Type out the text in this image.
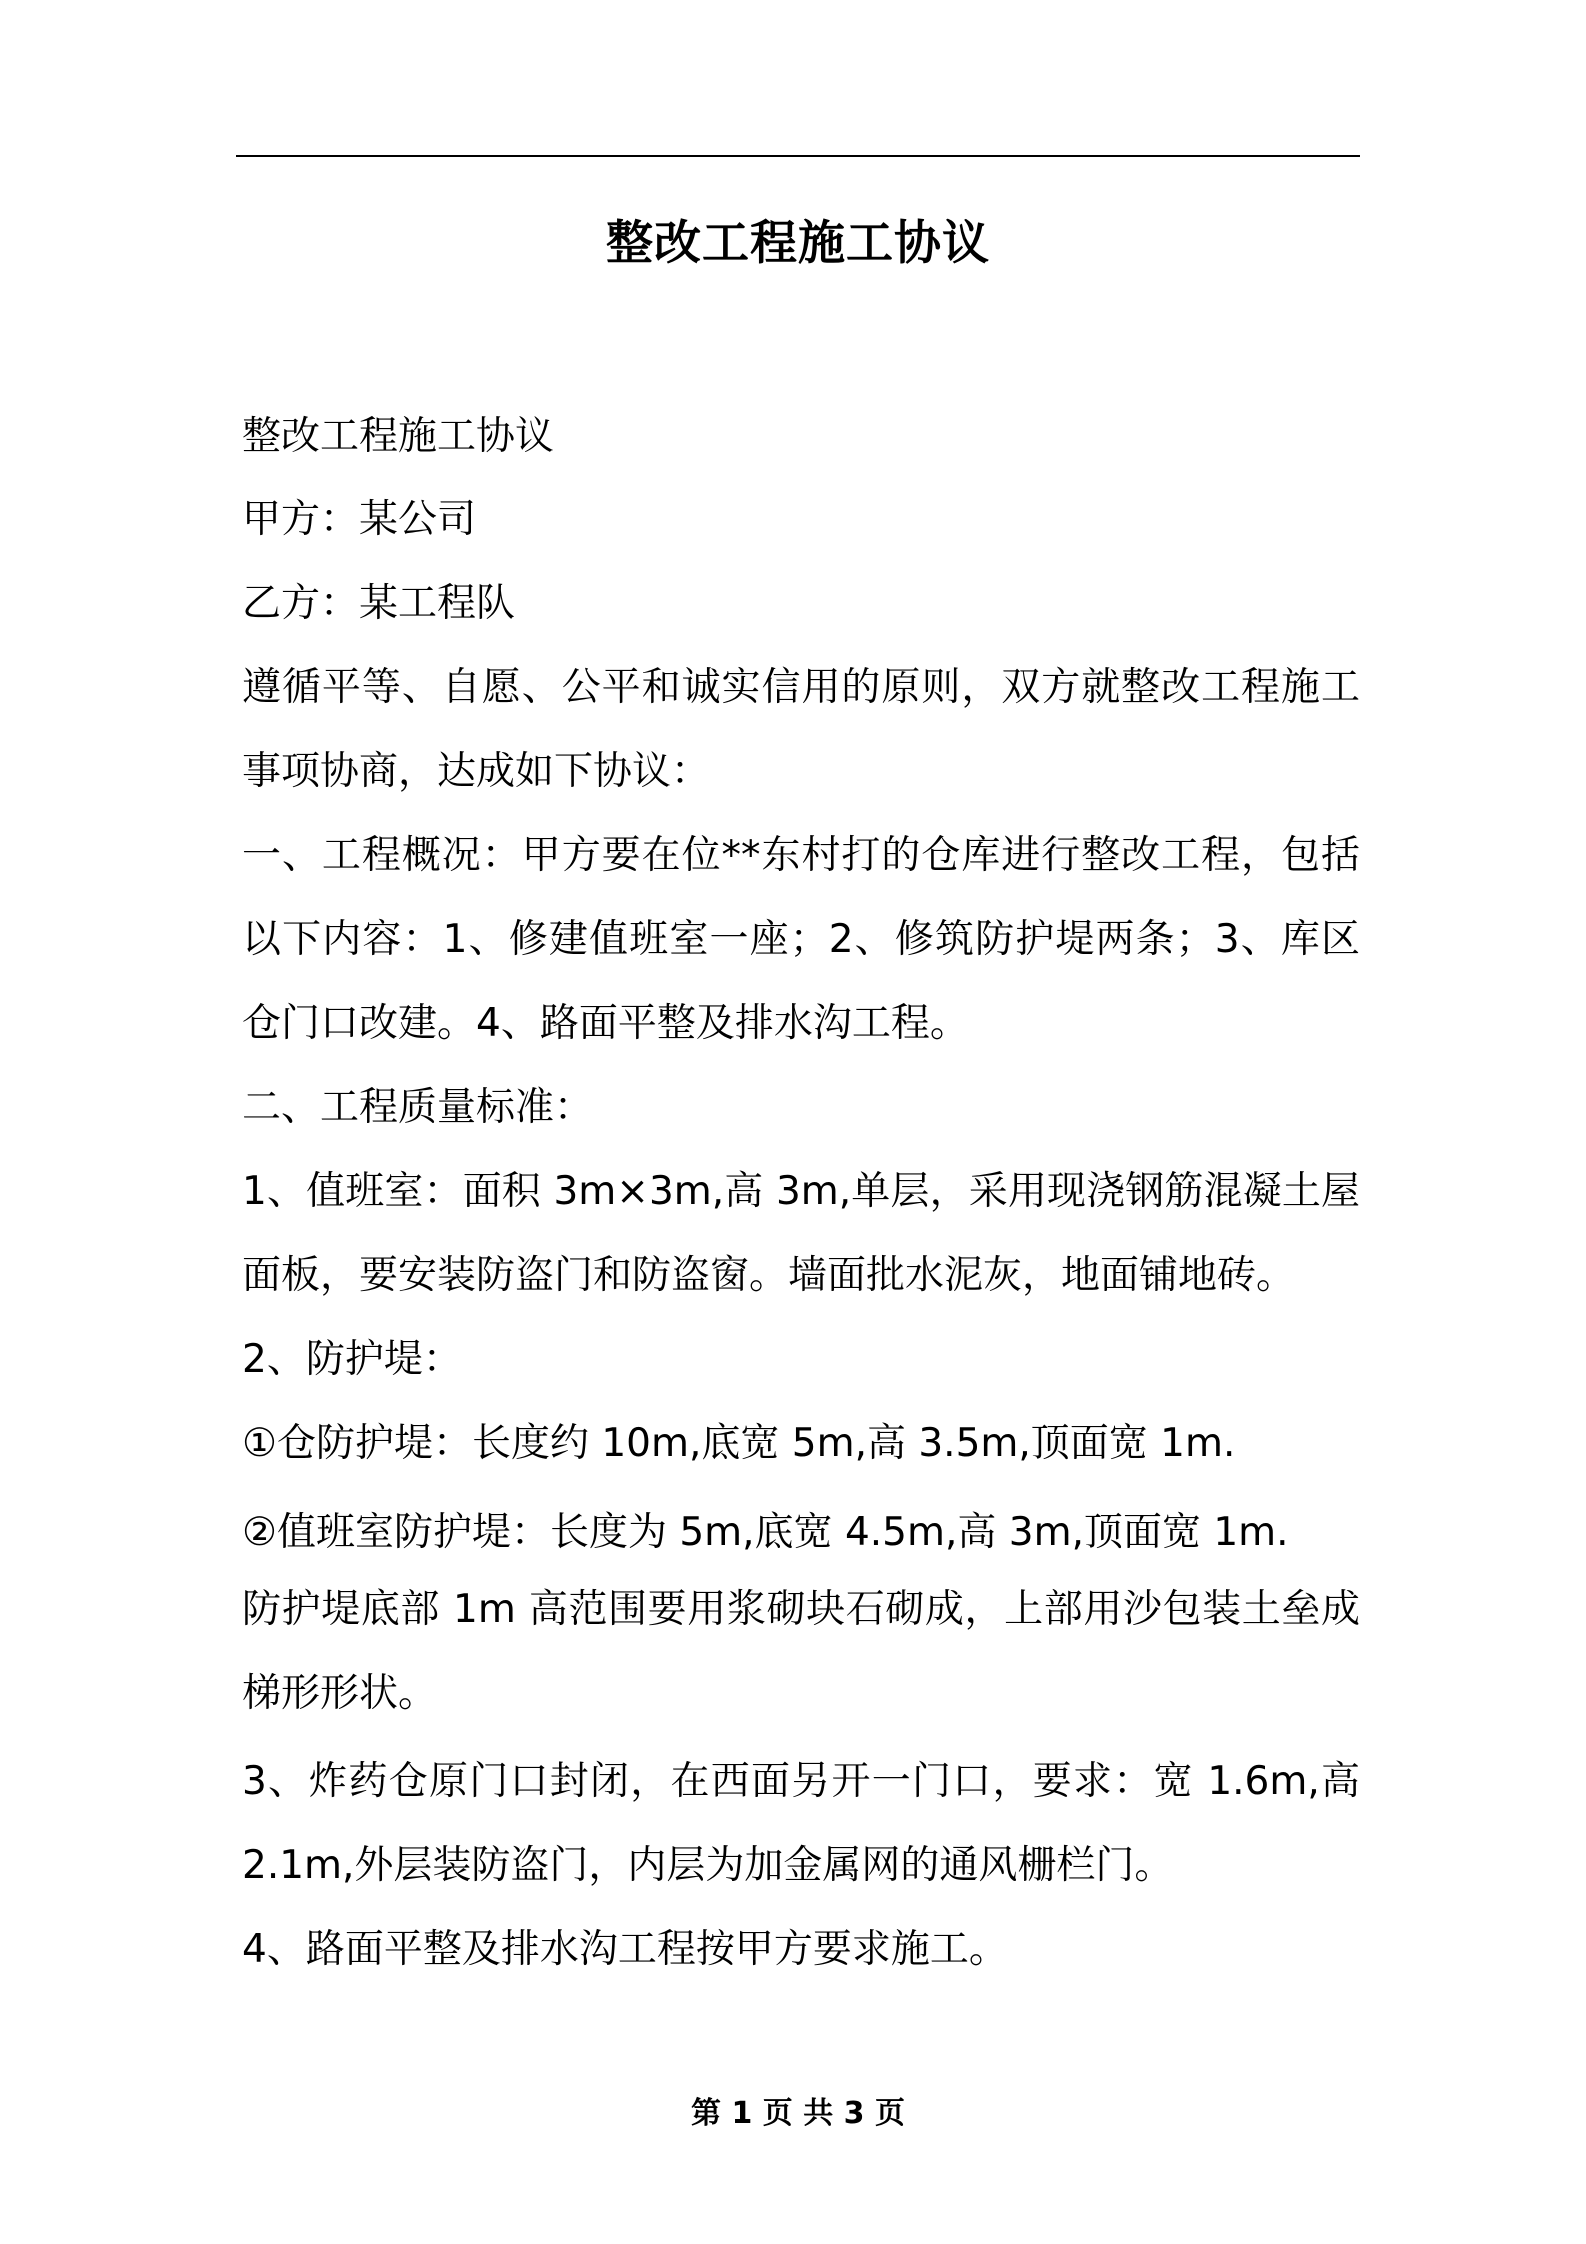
整改工程施工协议

整改工程施工协议

甲方：某公司

乙方：某工程队

遵循平等、自愿、公平和诚实信用的原则，双方就整改工程施工事项协商，达成如下协议：

一、工程概况：甲方要在位**东村打的仓库进行整改工程，包括以下内容：1、修建值班室一座；2、修筑防护堤两条；3、库区仓门口改建。4、路面平整及排水沟工程。

二、工程质量标准：

1、值班室：面积 3m×3m,高 3m,单层，采用现浇钢筋混凝土屋面板，要安装防盗门和防盗窗。墙面批水泥灰，地面铺地砖。

2、防护堤：

①仓防护堤：长度约 10m,底宽 5m,高 3.5m,顶面宽 1m.

②值班室防护堤：长度为 5m,底宽 4.5m,高 3m,顶面宽 1m.

防护堤底部 1m 高范围要用浆砌块石砌成，上部用沙包装土垒成梯形形状。

3、炸药仓原门口封闭，在西面另开一门口，要求：宽 1.6m,高 2.1m,外层装防盗门，内层为加金属网的通风栅栏门。

4、路面平整及排水沟工程按甲方要求施工。

第 1 页 共 3 页
